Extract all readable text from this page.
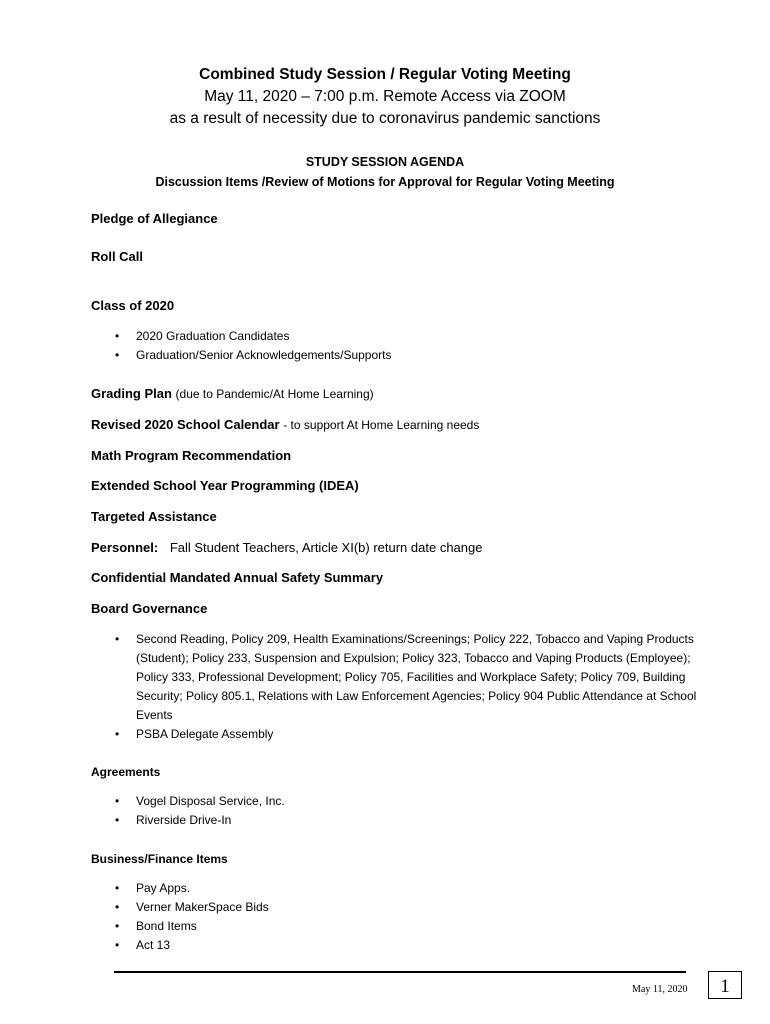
Combined Study Session / Regular Voting Meeting
May 11, 2020 – 7:00 p.m. Remote Access via ZOOM
as a result of necessity due to coronavirus pandemic sanctions
STUDY SESSION AGENDA
Discussion Items /Review of Motions for Approval for Regular Voting Meeting
Pledge of Allegiance
Roll Call
Class of 2020
• 2020 Graduation Candidates
• Graduation/Senior Acknowledgements/Supports
Grading Plan (due to Pandemic/At Home Learning)
Revised 2020 School Calendar - to support At Home Learning needs
Math Program Recommendation
Extended School Year Programming (IDEA)
Targeted Assistance
Personnel: Fall Student Teachers, Article XI(b) return date change
Confidential Mandated Annual Safety Summary
Board Governance
• Second Reading, Policy 209, Health Examinations/Screenings; Policy 222, Tobacco and Vaping Products
(Student); Policy 233, Suspension and Expulsion; Policy 323, Tobacco and Vaping Products (Employee);
Policy 333, Professional Development; Policy 705, Facilities and Workplace Safety; Policy 709, Building
Security; Policy 805.1, Relations with Law Enforcement Agencies; Policy 904 Public Attendance at School
Events
• PSBA Delegate Assembly
Agreements
• Vogel Disposal Service, Inc.
• Riverside Drive-In
Business/Finance Items
• Pay Apps.
• Verner MakerSpace Bids
• Bond Items
• Act 13
May 11, 2020	1
